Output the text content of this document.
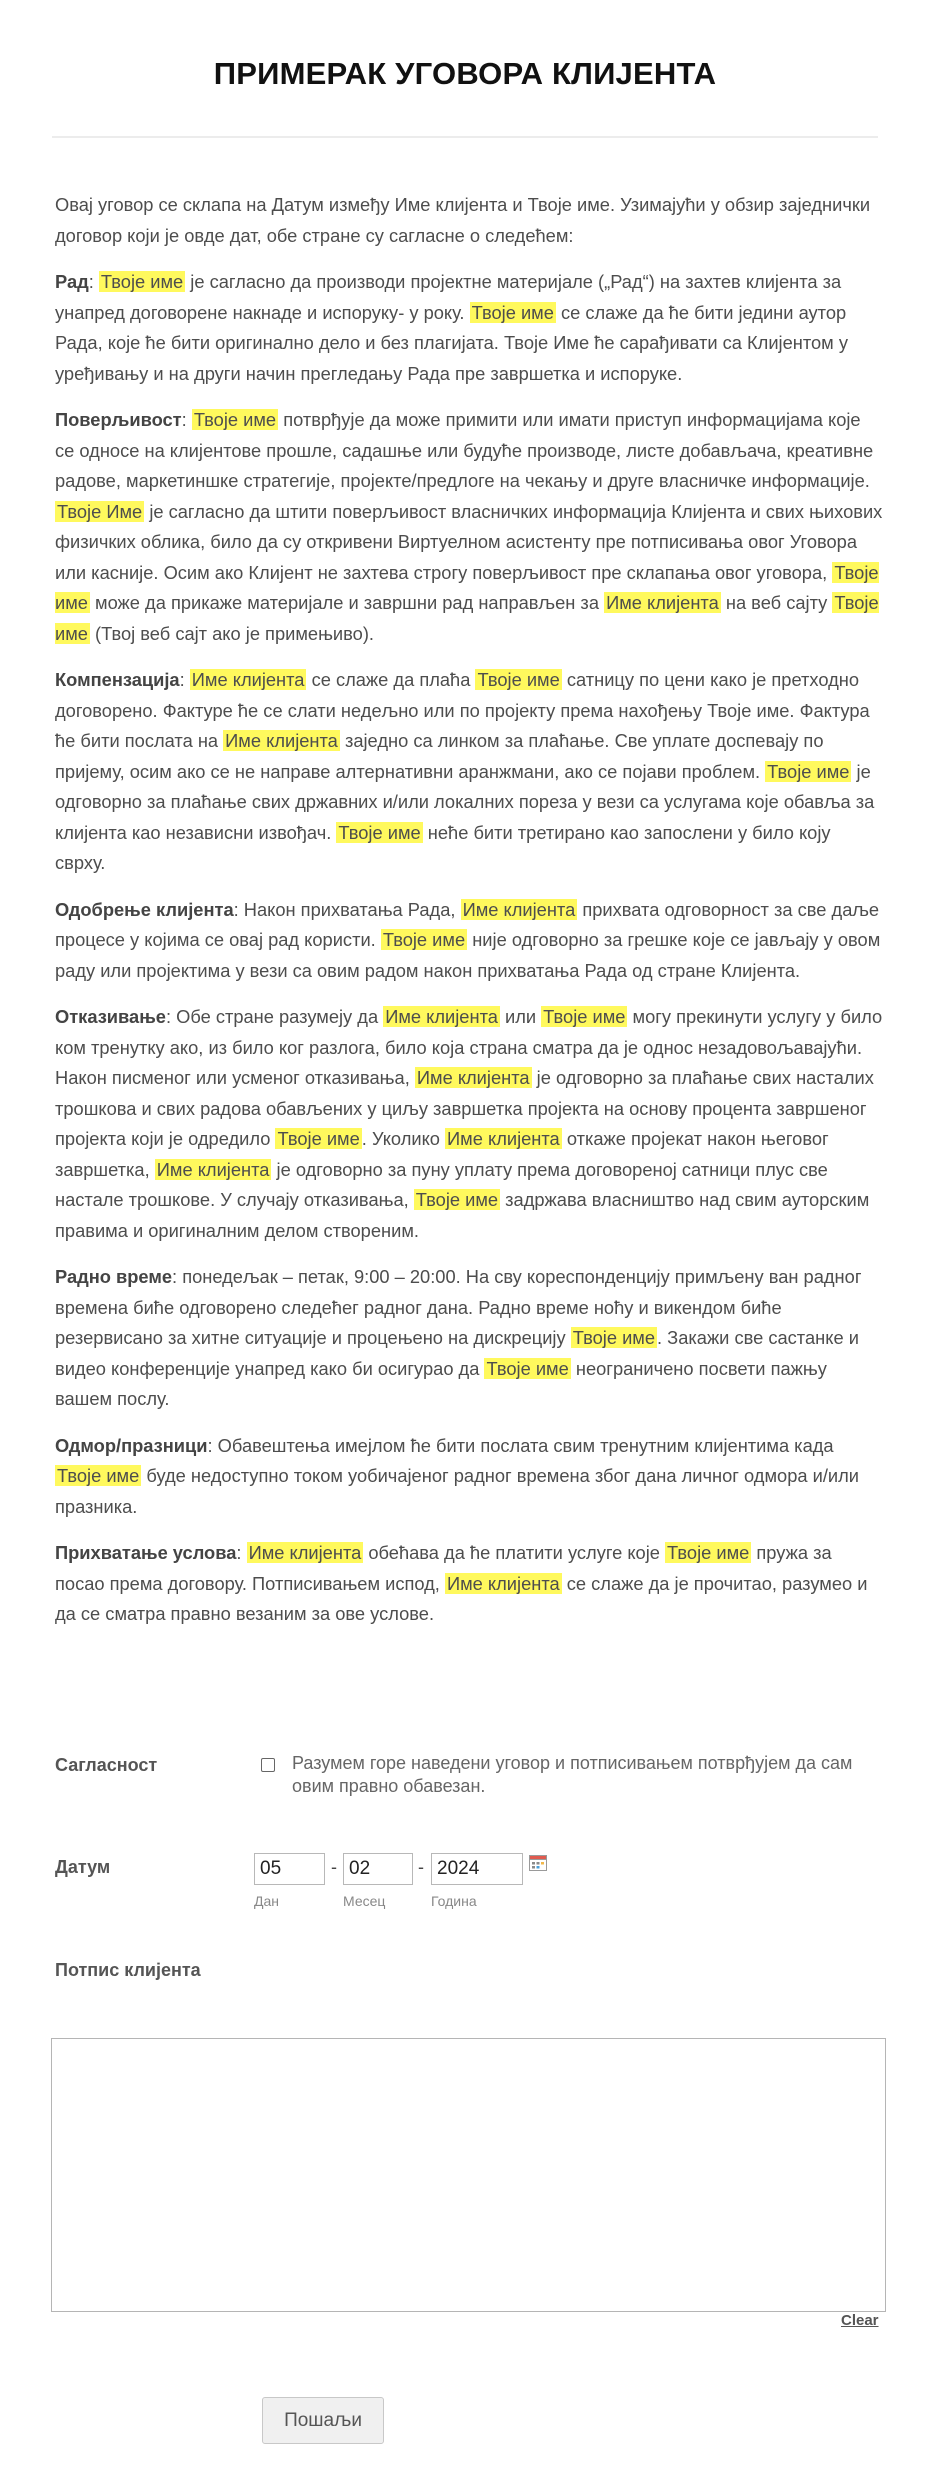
ПРИМЕРАК УГОВОРА КЛИЈЕНТА

Овај уговор се склапа на Датум између Име клијента и Твоје име. Узимајући у обзир заједнички договор који је овде дат, обе стране су сагласне о следећем:

Рад: Твоје име је сагласно да производи пројектне материјале („Рад“) на захтев клијента за унапред договорене накнаде и испоруку- у року. Твоје име се слаже да ће бити једини аутор Рада, које ће бити оригинално дело и без плагијата. Твоје Име ће сарађивати са Клијентом у уређивању и на други начин прегледању Рада пре завршетка и испоруке.

Поверљивост: Твоје име потврђује да може примити или имати приступ информацијама које се односе на клијентове прошле, садашње или будуће производе, листе добављача, креативне радове, маркетиншке стратегије, пројекте/предлоге на чекању и друге власничке информације. Твоје Име је сагласно да штити поверљивост власничких информација Клијента и свих њихових физичких облика, било да су откривени Виртуелном асистенту пре потписивања овог Уговора или касније. Осим ако Клијент не захтева строгу поверљивост пре склапања овог уговора, Твоје име може да прикаже материјале и завршни рад направљен за Име клијента на веб сајту Твоје име (Твој веб сајт ако је примењиво).

Компензација: Име клијента се слаже да плаћа Твоје име сатницу по цени како је претходно договорено. Фактуре ће се слати недељно или по пројекту према нахођењу Твоје име. Фактура ће бити послата на Име клијента заједно са линком за плаћање. Све уплате доспевају по пријему, осим ако се не направе алтернативни аранжмани, ако се појави проблем. Твоје име је одговорно за плаћање свих државних и/или локалних пореза у вези са услугама које обавља за клијента као независни извођач. Твоје име неће бити третирано као запослени у било коју сврху.

Одобрење клијента: Након прихватања Рада, Име клијента прихвата одговорност за све даље процесе у којима се овај рад користи. Твоје име није одговорно за грешке које се јављају у овом раду или пројектима у вези са овим радом након прихватања Рада од стране Клијента.

Отказивање: Обе стране разумеју да Име клијента или Твоје име могу прекинути услугу у било ком тренутку ако, из било ког разлога, било која страна сматра да је однос незадовољавајући. Након писменог или усменог отказивања, Име клијента је одговорно за плаћање свих насталих трошкова и свих радова обављених у циљу завршетка пројекта на основу процента завршеног пројекта који је одредило Твоје име . Уколико Име клијента откаже пројекат након његовог завршетка, Име клијента је одговорно за пуну уплату према договореној сатници плус све настале трошкове. У случају отказивања, Твоје име задржава власништво над свим ауторским правима и оригиналним делом створеним.

Радно време: понедељак – петак, 9:00 – 20:00. На сву кореспонденцију примљену ван радног времена биће одговорено следећег радног дана. Радно време ноћу и викендом биће резервисано за хитне ситуације и процењено на дискрецију Твоје име . Закажи све састанке и видео конференције унапред како би осигурао да Твоје име неограничено посвети пажњу вашем послу.

Одмор/празници: Обавештења имејлом ће бити послата свим тренутним клијентима када Твоје име буде недоступно током уобичајеног радног времена због дана личног одмора и/или празника.

Прихватање услова: Име клијента обећава да ће платити услуге које Твоје име пружа за посао према договору. Потписивањем испод, Име клијента се слаже да је прочитао, разумео и да се сматра правно везаним за ове услове.

Сагласност	Разумем горе наведени уговор и потписивањем потврђујем да сам овим правно обавезан.
Датум
05	-
02	-
2024
Дан	Месец	Година
Потпис клијента
Clear
Пошаљи
